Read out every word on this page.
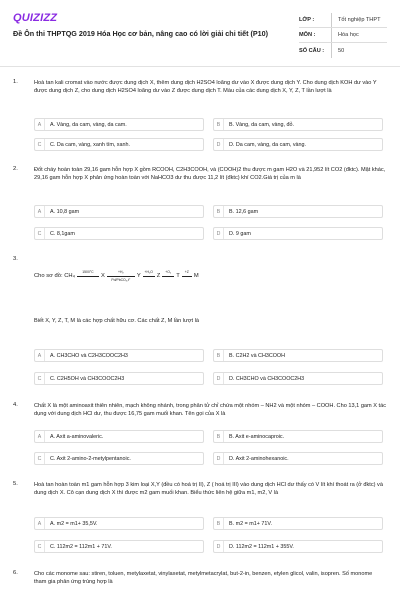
QUIZIZZ
Đề Ôn thi THPTQG 2019 Hóa Học cơ bản, nâng cao có lời giải chi tiết (P10)
LỚP :	Tốt nghiệp THPT
MÔN :	Hóa học
SỐ CÂU :	50
1.	Hoà tan kali cromat vào nước được dung dịch X, thêm dung dịch H2SO4 loãng dư vào X được dung dịch Y. Cho dung dịch KOH dư vào Y được dung dịch Z, cho dung dịch H2SO4 loãng dư vào Z được dung dịch T. Màu của các dung dịch X, Y, Z, T lần lượt là
A	A. Vàng, da cam, vàng, da cam.	B	B. Vàng, da cam, vàng, đỏ.
C	C. Da cam, vàng, xanh tím, xanh.	D	D. Da cam, vàng, da cam, vàng.
2.	Đốt cháy hoàn toàn 29,16 gam hỗn hợp X gồm RCOOH, C2H3COOH, và (COOH)2 thu được m gam H2O và 21,952 lít CO2 (đktc). Mặt khác, 29,16 gam hỗn hợp X phản ứng hoàn toàn với NaHCO3 dư thu được 11,2 lít (đktc) khí CO2.Giá trị của m là
A	A. 10,8 gam	B	B. 12,6 gam
C	C. 8,1gam	D	D. 9 gam
3.
Cho sơ đồ: CH₄
1500°C
X
+H₂
Pd/PbCO₃,t°
Y
+H₂O
Z
+O₂
T
+Z
M
Biết X, Y, Z, T, M là các hợp chất hữu cơ. Các chất Z, M lần lượt là
A	A. CH3CHO và C2H3COOC2H3	B	B. C2H2 và CH3COOH
C	C. C2H5OH và CH3COOC2H3	D	D. CH3CHO và CH3COOC2H3
4.	Chất X là một aminoaxit thiên nhiên, mạch không nhánh, trong phân tử chỉ chứa một nhóm – NH2 và một nhóm – COOH. Cho 13,1 gam X tác dụng với dung dịch HCl dư, thu được 16,75 gam muối khan. Tên gọi của X là
A	A. Axit a-aminovaleric.	B	B. Axit e-aminocaproic.
C	C. Axit 2-amino-2-metylpentanoic.	D	D. Axit 2-aminohexanoic.
5.	Hoà tan hoàn toàn m1 gam hỗn hợp 3 kim loại X,Y (đều có hoá trị II), Z ( hoá trị III) vào dung dịch HCl dư thấy có V lít khí thoát ra (ở đktc) và dung dịch X. Cô cạn dung dịch X thì được m2 gam muối khan. Biểu thức liên hệ giữa m1, m2, V là
A	A. m2 = m1+ 35,5V.	B	B. m2 = m1+ 71V.
C	C. 112m2 = 112m1 + 71V.	D	D. 112m2 = 112m1 + 355V.
6.	Cho các monome sau: stiren, toluen, metylaxetat, vinylaxetat, metylmetacrylat, but-2-in, benzen, etylen glicol, valin, isopren. Số monome tham gia phản ứng trùng hợp là
